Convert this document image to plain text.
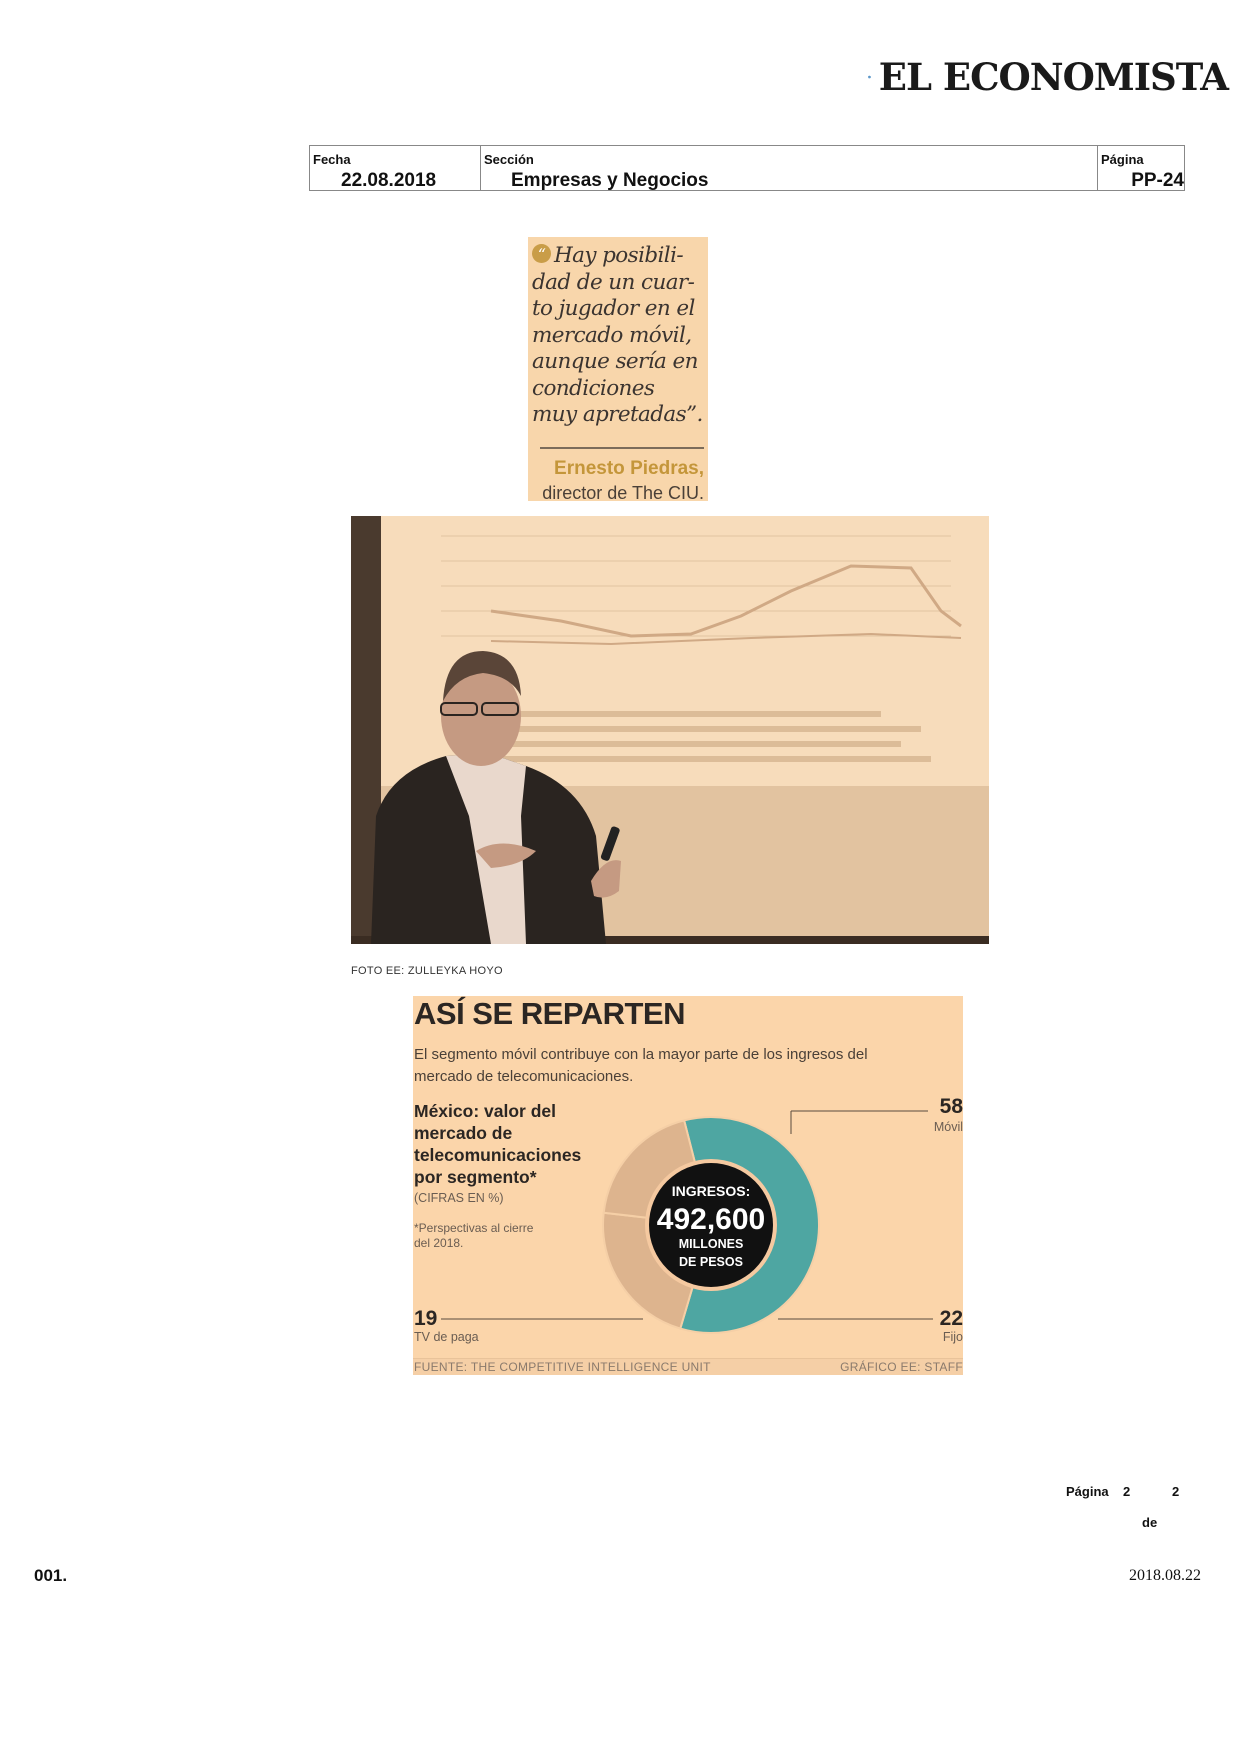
EL ECONOMISTA
Fecha
22.08.2018
Sección
Empresas y Negocios
Página
PP-24
“ Hay posibili-dad de un cuar-to jugador en el mercado móvil, aunque sería en condiciones muy apretadas”.
Ernesto Piedras,
director de The CIU.
FOTO EE: ZULLEYKA HOYO
ASÍ SE REPARTEN
El segmento móvil contribuye con la mayor parte de los ingresos del mercado de telecomunicaciones.
México: valor del mercado de telecomunicaciones por segmento*
(CIFRAS EN %)
*Perspectivas al cierre del 2018.
INGRESOS:
492,600
MILLONES
DE PESOS
58
Móvil
22
Fijo
19
TV de paga
FUENTE: THE COMPETITIVE INTELLIGENCE UNIT	GRÁFICO EE: STAFF
Página 2	2
de
001.	2018.08.22
